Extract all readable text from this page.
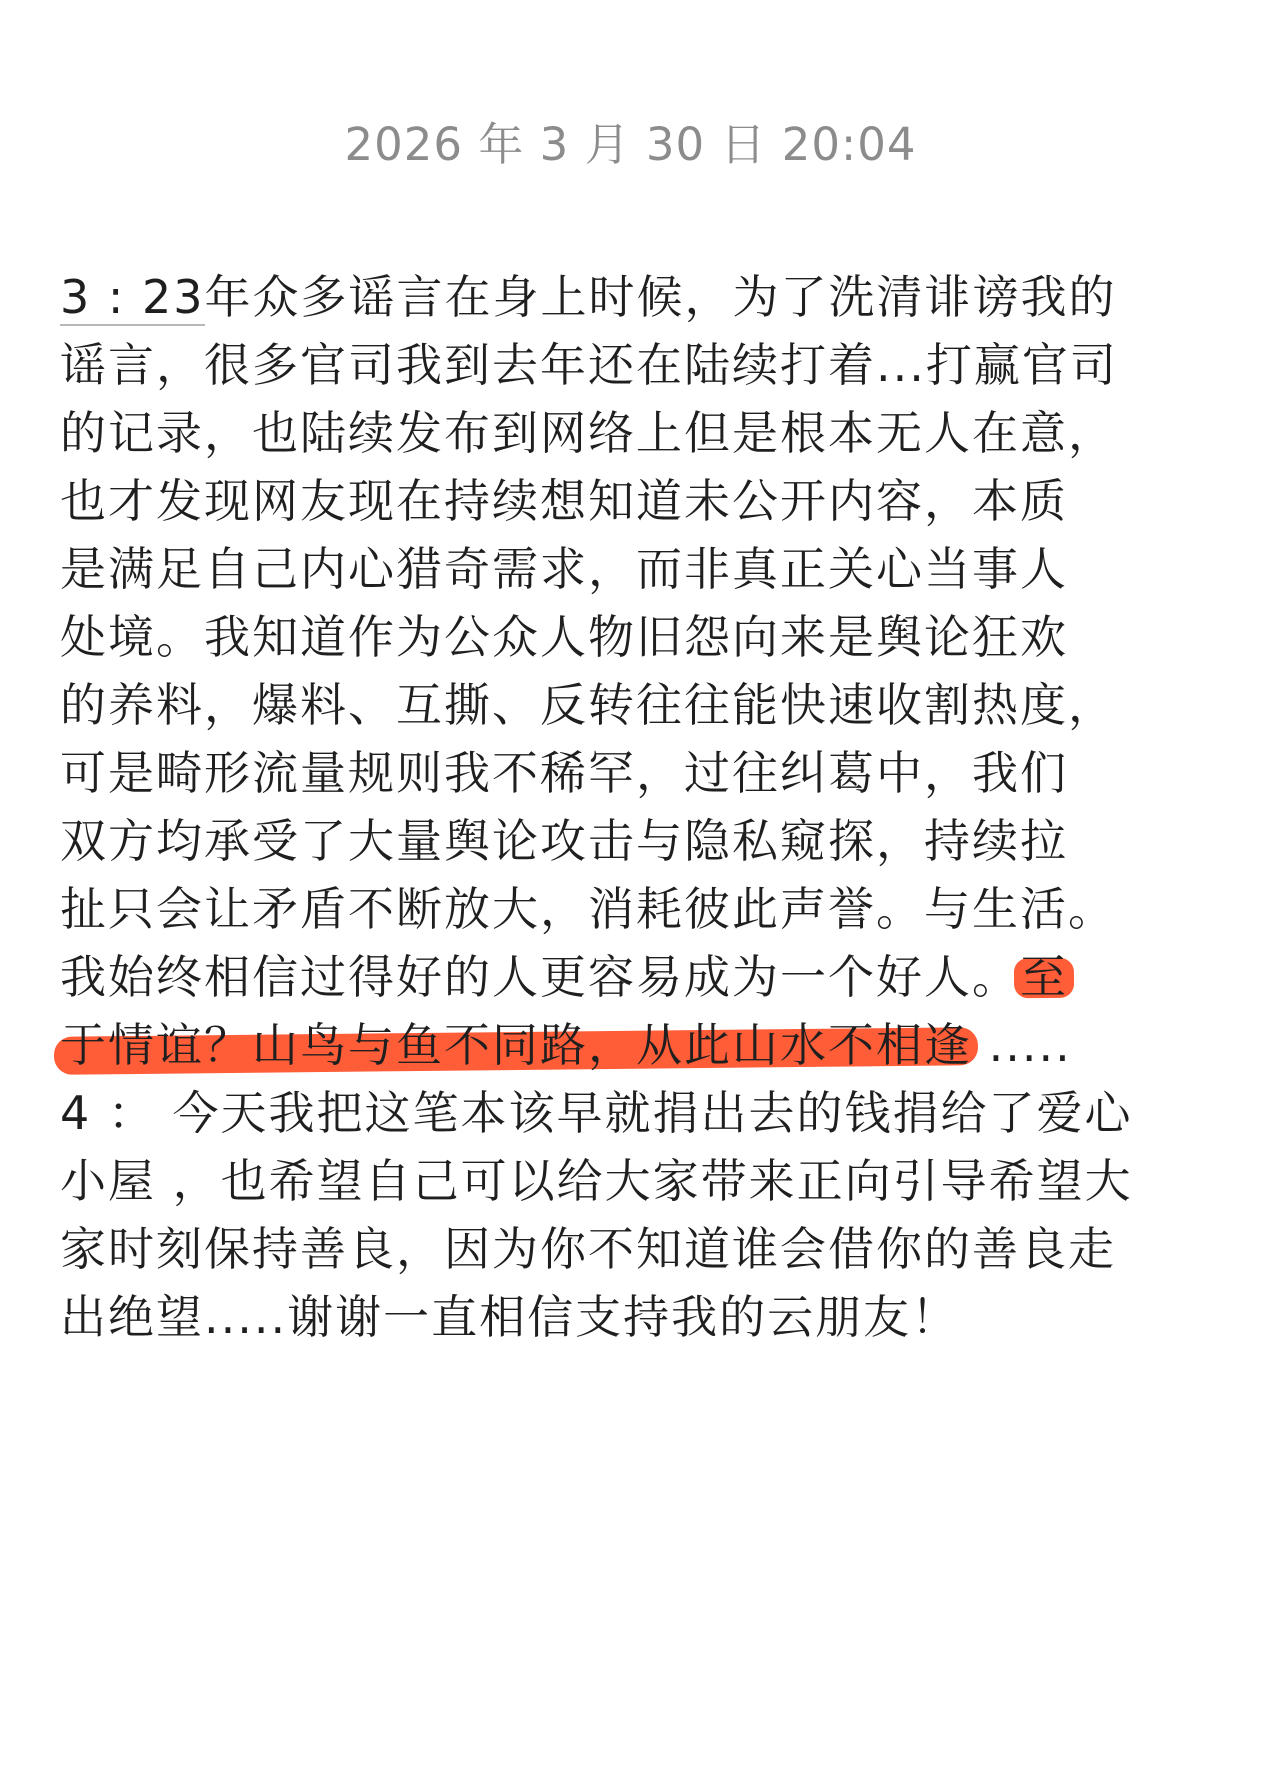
2026 年 3 月 30 日 20:04
3 : 23年众多谣言在身上时候，为了洗清诽谤我的
谣言，很多官司我到去年还在陆续打着...打赢官司
的记录，也陆续发布到网络上但是根本无人在意，
也才发现网友现在持续想知道未公开内容，本质
是满足自己内心猎奇需求，而非真正关心当事人
处境。我知道作为公众人物旧怨向来是舆论狂欢
的养料，爆料、互撕、反转往往能快速收割热度，
可是畸形流量规则我不稀罕，过往纠葛中，我们
双方均承受了大量舆论攻击与隐私窥探，持续拉
扯只会让矛盾不断放大，消耗彼此声誉。与生活。
我始终相信过得好的人更容易成为一个好人。至
于情谊？山鸟与鱼不同路，从此山水不相逢 .....
4 ： 今天我把这笔本该早就捐出去的钱捐给了爱心
小屋 ，也希望自己可以给大家带来正向引导希望大
家时刻保持善良，因为你不知道谁会借你的善良走
出绝望.....谢谢一直相信支持我的云朋友！
